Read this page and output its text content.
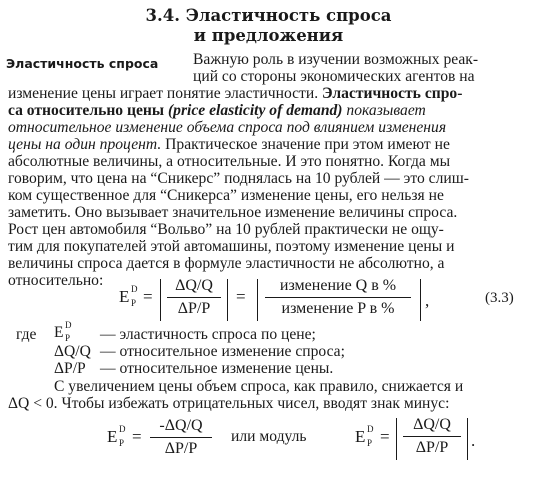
3.4. Эластичность спроса
и предложения
Эластичность спроса Важную роль в изучении возможных реак-
ций со стороны экономических агентов на
изменение цены играет понятие эластичности. Эластичность спро-
са относительно цены (price elasticity of demand) показывает
относительное изменение объема спроса под влиянием изменения
цены на один процент. Практическое значение при этом имеют не
абсолютные величины, а относительные. И это понятно. Когда мы
говорим, что цена на “Сникерс” поднялась на 10 рублей — это слиш-
ком существенное для “Сникерса” изменение цены, его нельзя не
заметить. Оно вызывает значительное изменение величины спроса.
Рост цен автомобиля “Вольво” на 10 рублей практически не ощу-
тим для покупателей этой автомашины, поэтому изменение цены и
величины спроса дается в формуле эластичности не абсолютно, а
относительно:
E D
$P = \frac{\Delta Q/Q}{\Delta P/P}$ =
изменение Q в %
изменение P в %	,	(3.3)
где E D
P — эластичность спроса по цене;
ΔQ/Q — относительное изменение спроса;
ΔP/P — относительное изменение цены.
С увеличением цены объем спроса, как правило, снижается и
ΔQ < 0. Чтобы избежать отрицательных чисел, вводят знак минус:
E D
$P = \frac{-\Delta Q/Q}{\Delta P/P}$ или модуль	E D
$P = \frac{\Delta Q/Q}{\Delta P/P}$ .
